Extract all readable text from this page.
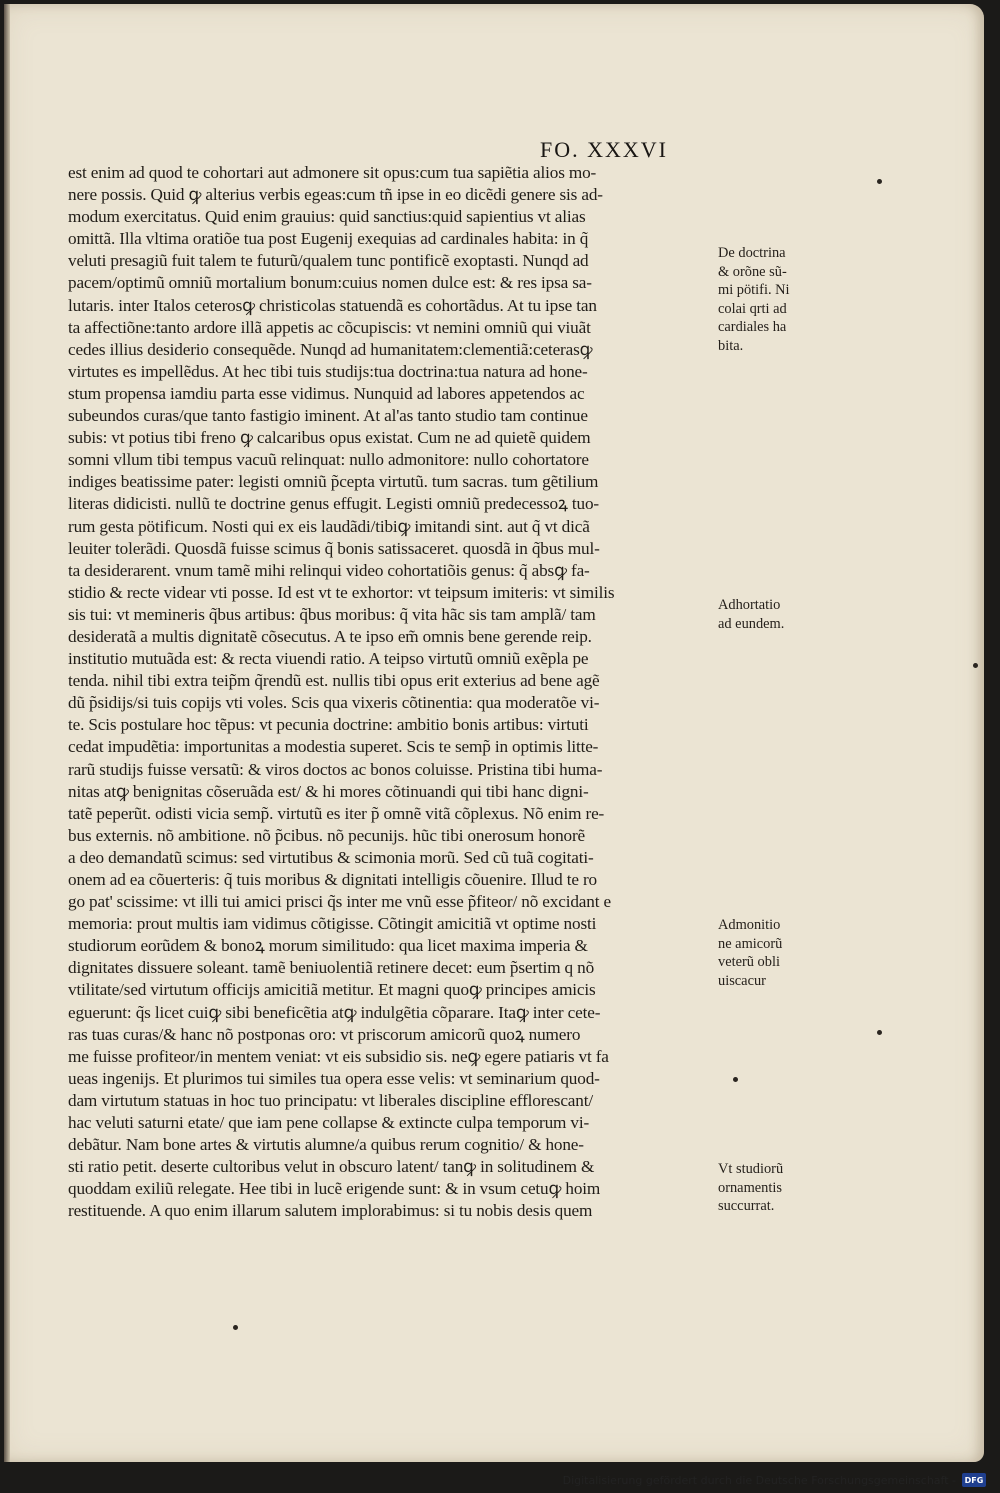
FO. XXXVI
est enim ad quod te cohortari aut admonere sit opus:cum tua sapiẽtia alios mo-
nere possis. Quid ꝙ alterius verbis egeas:cum tñ ipse in eo dicẽdi genere sis ad-
modum exercitatus. Quid enim grauius: quid sanctius:quid sapientius vt alias
omittã. Illa vltima oratiõe tua post Eugenij exequias ad cardinales habita: in q̃
veluti presagiũ fuit talem te futurũ/qualem tunc pontificẽ exoptasti. Nunqd ad
pacem/optimũ omniũ mortalium bonum:cuius nomen dulce est: & res ipsa sa-
lutaris. inter Italos ceterosꝙ christicolas statuendã es cohortãdus. At tu ipse tan
ta affectiõne:tanto ardore illã appetis ac cõcupiscis: vt nemini omniũ qui viuãt
cedes illius desiderio consequẽde. Nunqd ad humanitatem:clementiã:ceterasꝙ
virtutes es impellẽdus. At hec tibi tuis studijs:tua doctrina:tua natura ad hone-
stum propensa iamdiu parta esse vidimus. Nunquid ad labores appetendos ac
subeundos curas/que tanto fastigio iminent. At al'as tanto studio tam continue
subis: vt potius tibi freno ꝙ calcaribus opus existat. Cum ne ad quietẽ quidem
somni vllum tibi tempus vacuũ relinquat: nullo admonitore: nullo cohortatore
indiges beatissime pater: legisti omniũ p̃cepta virtutũ. tum sacras. tum gẽtilium
literas didicisti. nullũ te doctrine genus effugit. Legisti omniũ predecessoꝝ tuo-
rum gesta pötificum. Nosti qui ex eis laudãdi/tibiꝙ imitandi sint. aut q̃ vt dicã
leuiter tolerãdi. Quosdã fuisse scimus q̃ bonis satissaceret. quosdã in q̃bus mul-
ta desiderarent. vnum tamẽ mihi relinqui video cohortatiõis genus: q̃ absꝙ fa-
stidio & recte videar vti posse. Id est vt te exhortor: vt teipsum imiteris: vt similis
sis tui: vt memineris q̃bus artibus: q̃bus moribus: q̃ vita hãc sis tam amplã/ tam
desideratã a multis dignitatẽ cõsecutus. A te ipso em̃ omnis bene gerende reip.
institutio mutuãda est: & recta viuendi ratio. A teipso virtutũ omniũ exẽpla pe
tenda. nihil tibi extra teip̃m q̃rendũ est. nullis tibi opus erit exterius ad bene agẽ
dũ p̃sidijs/si tuis copijs vti voles. Scis qua vixeris cõtinentia: qua moderatõe vi-
te. Scis postulare hoc tẽpus: vt pecunia doctrine: ambitio bonis artibus: virtuti
cedat impudẽtia: importunitas a modestia superet. Scis te semp̃ in optimis litte-
rarũ studijs fuisse versatũ: & viros doctos ac bonos coluisse. Pristina tibi huma-
nitas atꝙ benignitas cõseruãda est/ & hi mores cõtinuandi qui tibi hanc digni-
tatẽ peperũt. odisti vicia semp̃. virtutũ es iter p̃ omnẽ vitã cõplexus. Nõ enim re-
bus externis. nõ ambitione. nõ p̃cibus. nõ pecunijs. hũc tibi onerosum honorẽ
a deo demandatũ scimus: sed virtutibus & scimonia morũ. Sed cũ tuã cogitati-
onem ad ea cõuerteris: q̃ tuis moribus & dignitati intelligis cõuenire. Illud te ro
go pat' scissime: vt illi tui amici prisci q̃s inter me vnũ esse p̃fiteor/ nõ excidant e
memoria: prout multis iam vidimus cõtigisse. Cõtingit amicitiã vt optime nosti
studiorum eorũdem & bonoꝝ morum similitudo: qua licet maxima imperia &
dignitates dissuere soleant. tamẽ beniuolentiã retinere decet: eum p̃sertim q nõ
vtilitate/sed virtutum officijs amicitiã metitur. Et magni quoꝙ principes amicis
eguerunt: q̃s licet cuiꝙ sibi beneficẽtia atꝙ indulgẽtia cõparare. Itaꝙ inter cete-
ras tuas curas/& hanc nõ postponas oro: vt priscorum amicorũ quoꝝ numero
me fuisse profiteor/in mentem veniat: vt eis subsidio sis. neꝙ egere patiaris vt fa
ueas ingenijs. Et plurimos tui similes tua opera esse velis: vt seminarium quod-
dam virtutum statuas in hoc tuo principatu: vt liberales discipline efflorescant/
hac veluti saturni etate/ que iam pene collapse & extincte culpa temporum vi-
debãtur. Nam bone artes & virtutis alumne/a quibus rerum cognitio/ & hone-
sti ratio petit. deserte cultoribus velut in obscuro latent/ tanꝙ in solitudinem &
quoddam exiliũ relegate. Hee tibi in lucẽ erigende sunt: & in vsum cetuꝙ hoim
restituende. A quo enim illarum salutem implorabimus: si tu nobis desis quem
De doctrina
& orõne sũ-
mi pötifi. Ni
colai qrti ad
cardiales ha
bita.
Adhortatio
ad eundem.
Admonitio
ne amicorũ
veterũ obli
uiscacur
Vt studiorũ
ornamentis
succurrat.
Digitalisierung gefördert durch die Deutsche Forschungsgemeinschaft -	DFG
